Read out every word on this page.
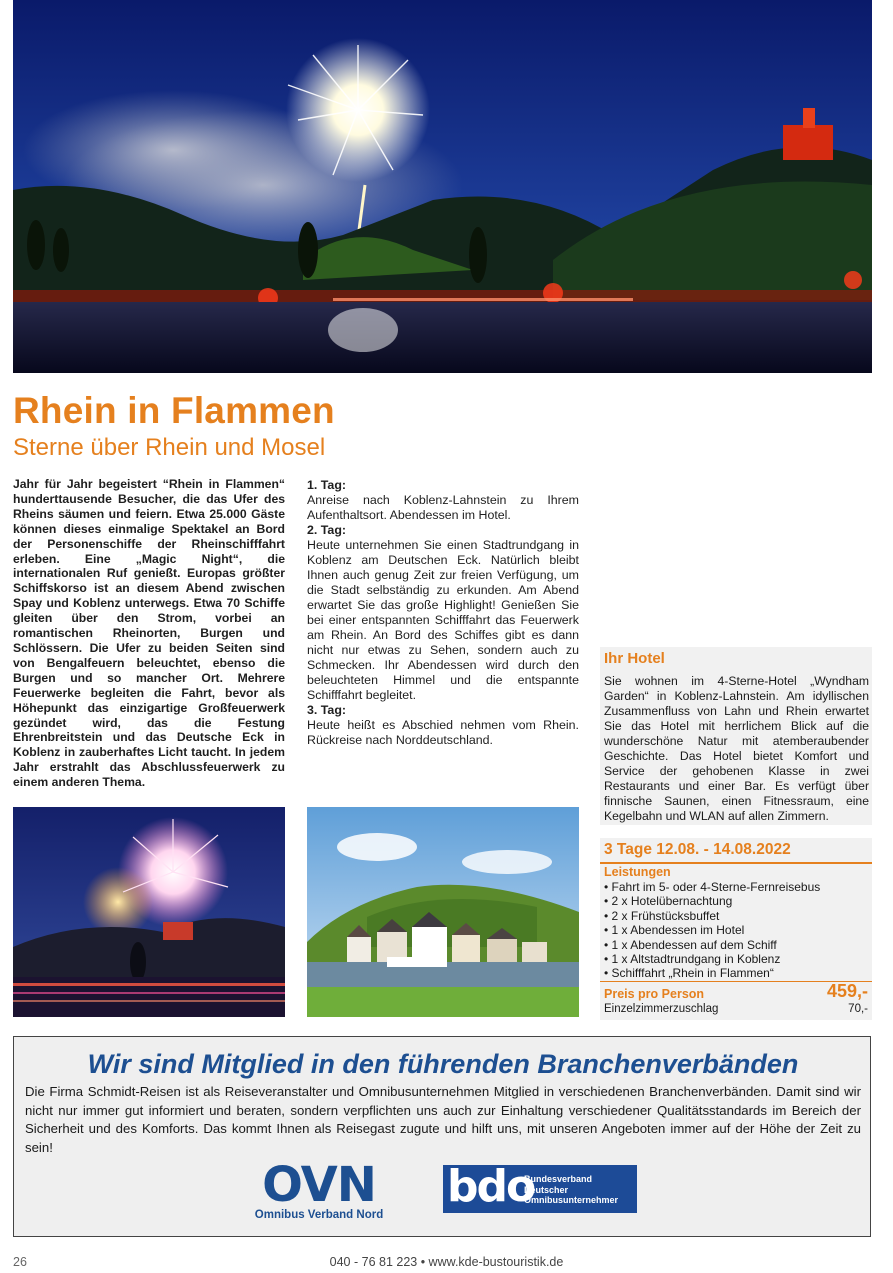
Rhein in Flammen
Sterne über Rhein und Mosel
Jahr für Jahr begeistert “Rhein in Flammen“ hunderttausende Besucher, die das Ufer des Rheins säumen und feiern. Etwa 25.000 Gäste können dieses einmalige Spektakel an Bord der Personenschiffe der Rheinschifffahrt erleben. Eine „Magic Night“, die internationalen Ruf genießt. Europas größter Schiffskorso ist an diesem Abend zwischen Spay und Koblenz unterwegs. Etwa 70 Schiffe gleiten über den Strom, vorbei an romantischen Rheinorten, Burgen und Schlössern. Die Ufer zu beiden Seiten sind von Bengalfeuern beleuchtet, ebenso die Burgen und so mancher Ort. Mehrere Feuerwerke begleiten die Fahrt, bevor als Höhepunkt das einzigartige Großfeuerwerk gezündet wird, das die Festung Ehrenbreitstein und das Deutsche Eck in Koblenz in zauberhaftes Licht taucht. In jedem Jahr erstrahlt das Abschlussfeuerwerk zu einem anderen Thema.
1. Tag:

Anreise nach Koblenz-Lahnstein zu Ihrem Aufenthaltsort. Abendessen im Hotel.

2. Tag:

Heute unternehmen Sie einen Stadtrundgang in Koblenz am Deutschen Eck. Natürlich bleibt Ihnen auch genug Zeit zur freien Verfügung, um die Stadt selbständig zu erkunden. Am Abend erwartet Sie das große Highlight! Genießen Sie bei einer entspannten Schifffahrt das Feuerwerk am Rhein. An Bord des Schiffes gibt es dann nicht nur etwas zu Sehen, sondern auch zu Schmecken. Ihr Abendessen wird durch den beleuchteten Himmel und die entspannte Schifffahrt begleitet.

3. Tag:

Heute heißt es Abschied nehmen vom Rhein. Rückreise nach Norddeutschland.

Ihr Hotel
Sie wohnen im 4-Sterne-Hotel „Wyndham Garden“ in Koblenz-Lahnstein. Am idyllischen Zusammenfluss von Lahn und Rhein erwartet Sie das Hotel mit herrlichem Blick auf die wunderschöne Natur mit atemberaubender Geschichte. Das Hotel bietet Komfort und Service der gehobenen Klasse in zwei Restaurants und einer Bar. Es verfügt über finnische Saunen, einen Fitnessraum, eine Kegelbahn und WLAN auf allen Zimmern.
3 Tage 12.08. - 14.08.2022
Leistungen
• Fahrt im 5- oder 4-Sterne-Fernreisebus
• 2 x Hotelübernachtung
• 2 x Frühstücksbuffet
• 1 x Abendessen im Hotel
• 1 x Abendessen auf dem Schiff
• 1 x Altstadtrundgang in Koblenz
• Schifffahrt „Rhein in Flammen“
Preis pro Person	459,-
Einzelzimmerzuschlag	70,-
Wir sind Mitglied in den führenden Branchenverbänden
Die Firma Schmidt-Reisen ist als Reiseveranstalter und Omnibusunternehmen Mitglied in verschiedenen Branchenverbänden. Damit sind wir nicht nur immer gut informiert und beraten, sondern verpflichten uns auch zur Einhaltung verschiedener Qualitätsstandards im Bereich der Sicherheit und des Komforts. Das kommt Ihnen als Reisegast zugute und hilft uns, mit unseren Angeboten immer auf der Höhe der Zeit zu sein!
OVN
Omnibus Verband Nord
bdo
Bundesverband
Deutscher
Omnibusunternehmer
26	040 - 76 81 223 • www.kde-bustouristik.de
